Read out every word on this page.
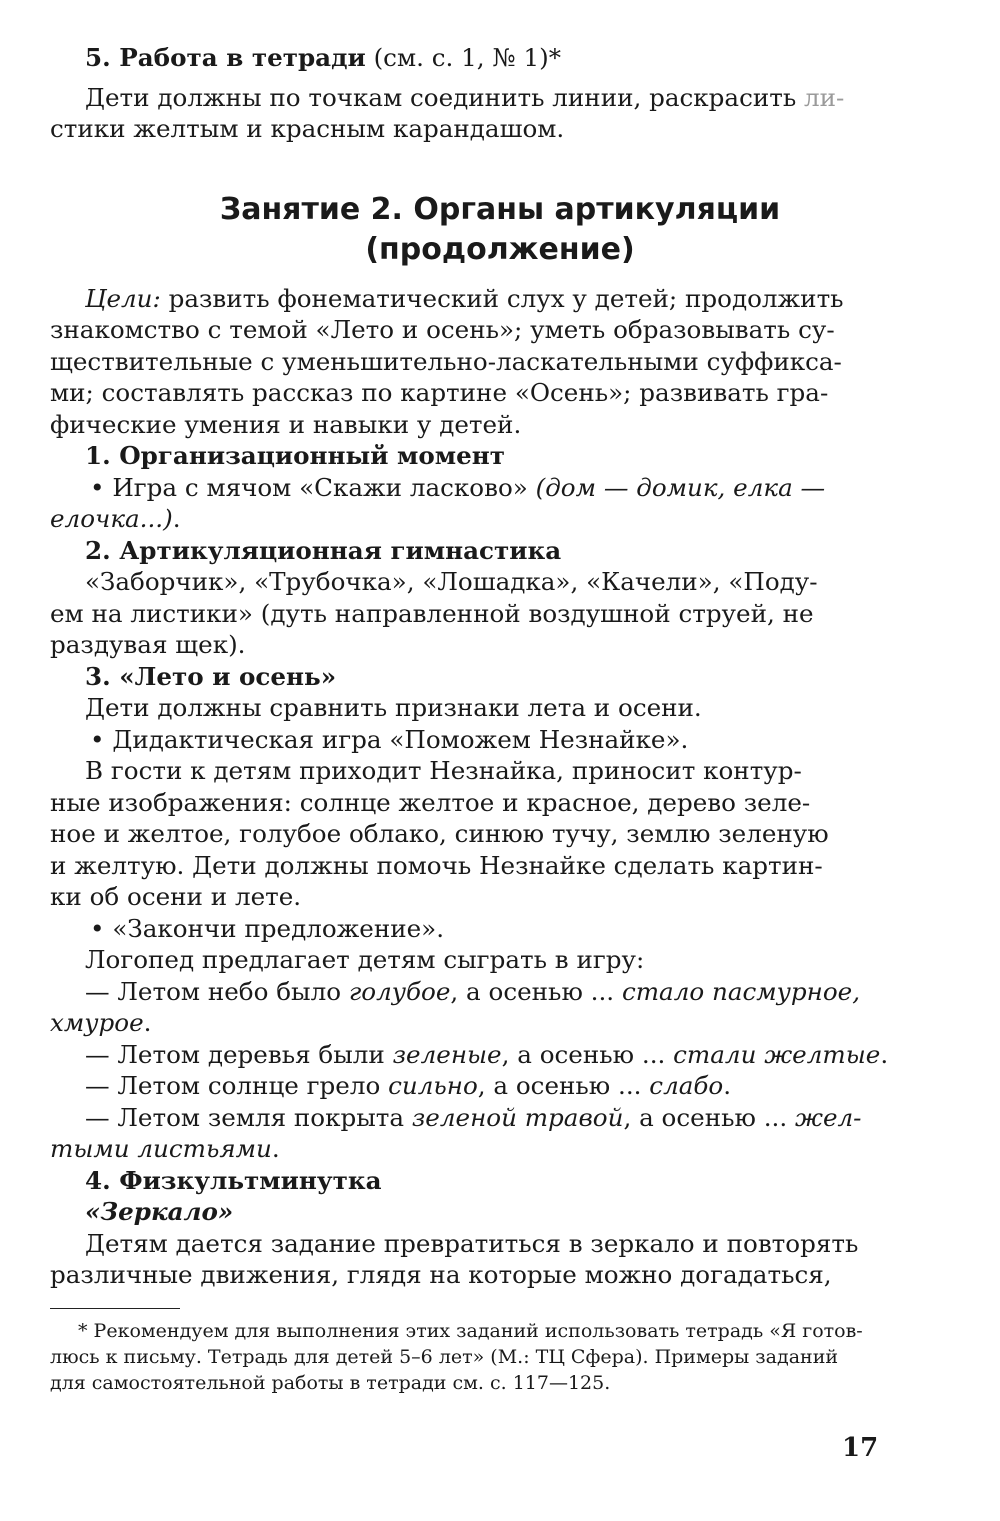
5. Работа в тетради (см. с. 1, № 1)*
Дети должны по точкам соединить линии, раскрасить ли-
стики желтым и красным карандашом.
Занятие 2. Органы артикуляции
(продолжение)
Цели: развить фонематический слух у детей; продолжить
знакомство с темой «Лето и осень»; уметь образовывать су-
ществительные с уменьшительно-ласкательными суффикса-
ми; составлять рассказ по картине «Осень»; развивать гра-
фические умения и навыки у детей.
1. Организационный момент
• Игра с мячом «Скажи ласково» (дом — домик, елка —
елочка...).
2. Артикуляционная гимнастика
«Заборчик», «Трубочка», «Лошадка», «Качели», «Поду-
ем на листики» (дуть направленной воздушной струей, не
раздувая щек).
3. «Лето и осень»
Дети должны сравнить признаки лета и осени.
• Дидактическая игра «Поможем Незнайке».
В гости к детям приходит Незнайка, приносит контур-
ные изображения: солнце желтое и красное, дерево зеле-
ное и желтое, голубое облако, синюю тучу, землю зеленую
и желтую. Дети должны помочь Незнайке сделать картин-
ки об осени и лете.
• «Закончи предложение».
Логопед предлагает детям сыграть в игру:
— Летом небо было голубое, а осенью ... стало пасмурное,
хмурое.
— Летом деревья были зеленые, а осенью ... стали желтые.
— Летом солнце грело сильно, а осенью ... слабо.
— Летом земля покрыта зеленой травой, а осенью ... жел-
тыми листьями.
4. Физкультминутка
«Зеркало»
Детям дается задание превратиться в зеркало и повторять
различные движения, глядя на которые можно догадаться,
* Рекомендуем для выполнения этих заданий использовать тетрадь «Я готов-
люсь к письму. Тетрадь для детей 5–6 лет» (М.: ТЦ Сфера). Примеры заданий
для самостоятельной работы в тетради см. с. 117—125.
17
